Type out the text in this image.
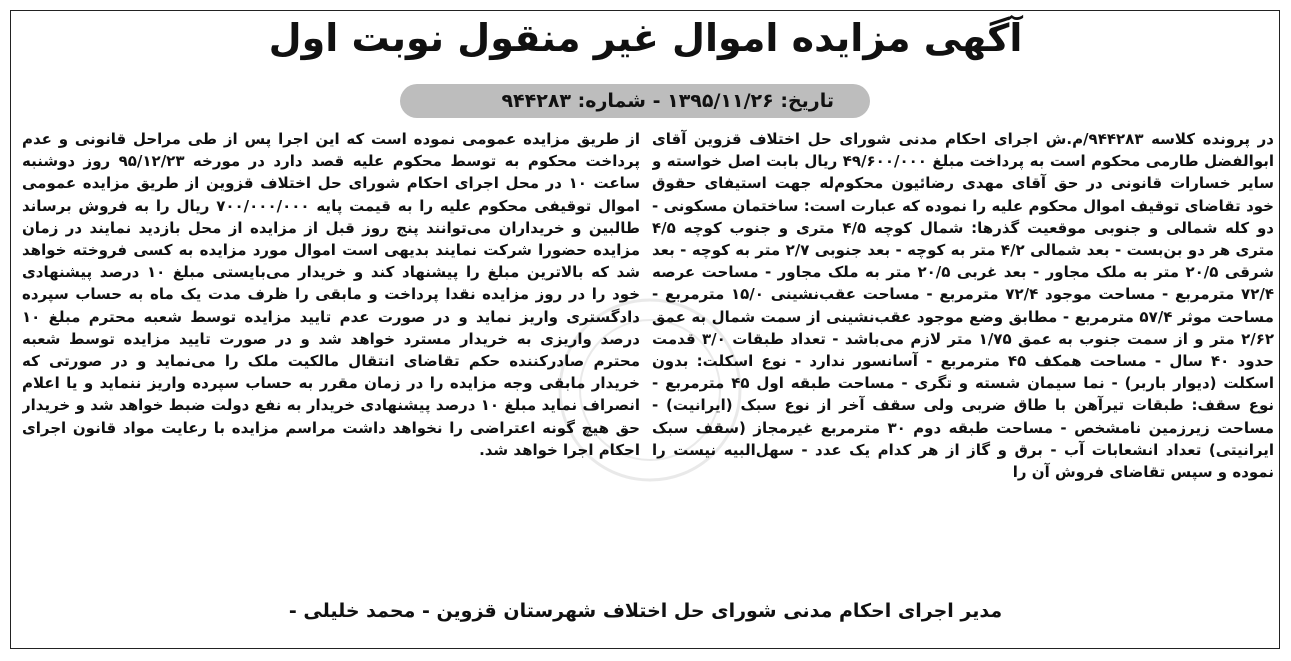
آگهی مزایده اموال غیر منقول نوبت اول
تاریخ: ۱۳۹۵/۱۱/۲۶ - شماره: ۹۴۴۲۸۳
در پرونده کلاسه ۹۴۴۲۸۳/م.ش اجرای احکام مدنی شورای حل اختلاف قزوین آقای ابوالفضل طارمی محکوم است به پرداخت مبلغ ۴۹/۶۰۰/۰۰۰ ریال بابت اصل خواسته و سایر خسارات قانونی در حق آقای مهدی رضائیون محکوم‌له جهت استیفای حقوق خود تقاضای توقیف اموال محکوم علیه را نموده که عبارت است: ساختمان مسکونی - دو کله شمالی و جنوبی موقعیت گذرها: شمال کوچه ۴/۵ متری و جنوب کوچه ۴/۵ متری هر دو بن‌بست - بعد شمالی ۴/۲ متر به کوچه - بعد جنوبی ۲/۷ متر به کوچه - بعد شرقی ۲۰/۵ متر به ملک مجاور - بعد غربی ۲۰/۵ متر به ملک مجاور - مساحت عرصه ۷۲/۴ مترمربع - مساحت موجود ۷۲/۴ مترمربع - مساحت عقب‌نشینی ۱۵/۰ مترمربع - مساحت موثر ۵۷/۴ مترمربع - مطابق وضع موجود عقب‌نشینی از سمت شمال به عمق ۲/۶۲ متر و از سمت جنوب به عمق ۱/۷۵ متر لازم می‌باشد - تعداد طبقات ۳/۰ قدمت حدود ۴۰ سال - مساحت همکف ۴۵ مترمربع - آسانسور ندارد - نوع اسکلت: بدون اسکلت (دیوار باربر) - نما سیمان شسته و تگری - مساحت طبقه اول ۴۵ مترمربع - نوع سقف: طبقات تیرآهن با طاق ضربی ولی سقف آخر از نوع سبک (ایرانیت) - مساحت زیرزمین نامشخص - مساحت طبقه دوم ۳۰ مترمربع غیرمجاز (سقف سبک ایرانیتی) تعداد انشعابات آب - برق و گاز از هر کدام یک عدد - سهل‌البیه نیست را نموده و سپس تقاضای فروش آن را
از طریق مزایده عمومی نموده است که این اجرا پس از طی مراحل قانونی و عدم پرداخت محکوم به توسط محکوم علیه قصد دارد در مورخه ۹۵/۱۲/۲۳ روز دوشنبه ساعت ۱۰ در محل اجرای احکام شورای حل اختلاف قزوین از طریق مزایده عمومی اموال توقیفی محکوم علیه را به قیمت پایه ۷۰۰/۰۰۰/۰۰۰ ریال را به فروش برساند طالبین و خریداران می‌توانند پنج روز قبل از مزایده از محل بازدید نمایند در زمان مزایده حضورا شرکت نمایند بدیهی است اموال مورد مزایده به کسی فروخته خواهد شد که بالاترین مبلغ را پیشنهاد کند و خریدار می‌بایستی مبلغ ۱۰ درصد پیشنهادی خود را در روز مزایده نقدا پرداخت و مابقی را ظرف مدت یک ماه به حساب سپرده دادگستری واریز نماید و در صورت عدم تایید مزایده توسط شعبه محترم مبلغ ۱۰ درصد واریزی به خریدار مسترد خواهد شد و در صورت تایید مزایده توسط شعبه محترم صادرکننده حکم تقاضای انتقال مالکیت ملک را می‌نماید و در صورتی که خریدار مابقی وجه مزایده را در زمان مقرر به حساب سپرده واریز ننماید و یا اعلام انصراف نماید مبلغ ۱۰ درصد پیشنهادی خریدار به نفع دولت ضبط خواهد شد و خریدار حق هیچ گونه اعتراضی را نخواهد داشت مراسم مزایده با رعایت مواد قانون اجرای احکام اجرا خواهد شد.
مدیر اجرای احکام مدنی شورای حل اختلاف شهرستان قزوین - محمد خلیلی -
